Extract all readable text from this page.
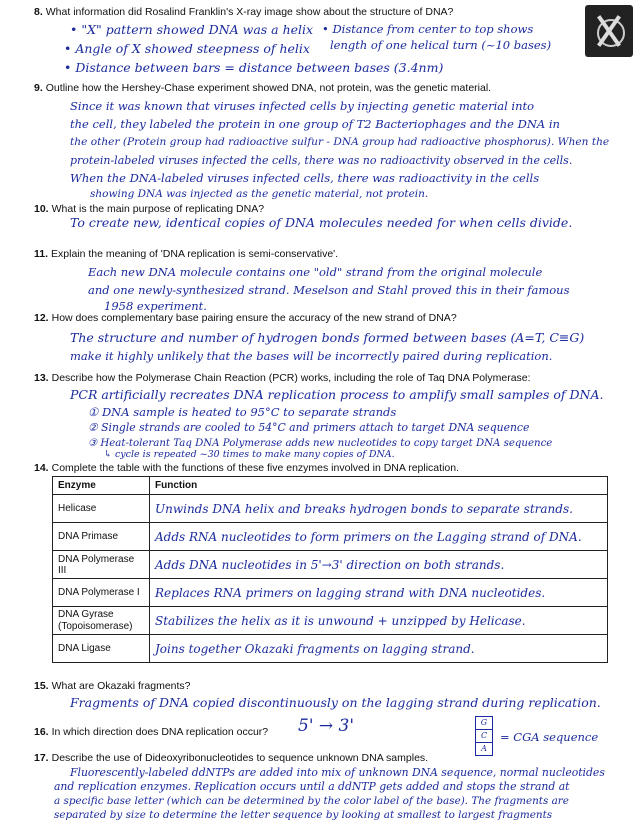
8. What information did Rosalind Franklin's X-ray image show about the structure of DNA?
• "X" pattern showed DNA was a helix
• Angle of X showed steepness of helix
• Distance between bars = distance between bases (3.4nm)
• Distance from center to top shows
length of one helical turn (~10 bases)
9. Outline how the Hershey-Chase experiment showed DNA, not protein, was the genetic material.
Since it was known that viruses infected cells by injecting genetic material into
the cell, they labeled the protein in one group of T2 Bacteriophages and the DNA in
the other (Protein group had radioactive sulfur - DNA group had radioactive phosphorus). When the
protein-labeled viruses infected the cells, there was no radioactivity observed in the cells.
When the DNA-labeled viruses infected cells, there was radioactivity in the cells
showing DNA was injected as the genetic material, not protein.
10. What is the main purpose of replicating DNA?
To create new, identical copies of DNA molecules needed for when cells divide.
11. Explain the meaning of 'DNA replication is semi-conservative'.
Each new DNA molecule contains one "old" strand from the original molecule
and one newly-synthesized strand. Meselson and Stahl proved this in their famous
1958 experiment.
12. How does complementary base pairing ensure the accuracy of the new strand of DNA?
The structure and number of hydrogen bonds formed between bases (A=T, C≡G)
make it highly unlikely that the bases will be incorrectly paired during replication.
13. Describe how the Polymerase Chain Reaction (PCR) works, including the role of Taq DNA Polymerase:
PCR artificially recreates DNA replication process to amplify small samples of DNA.
① DNA sample is heated to 95°C to separate strands
② Single strands are cooled to 54°C and primers attach to target DNA sequence
③ Heat-tolerant Taq DNA Polymerase adds new nucleotides to copy target DNA sequence
↳ cycle is repeated ~30 times to make many copies of DNA.
14. Complete the table with the functions of these five enzymes involved in DNA replication.
Enzyme	Function
Helicase	Unwinds DNA helix and breaks hydrogen bonds to separate strands.
DNA Primase	Adds RNA nucleotides to form primers on the Lagging strand of DNA.
DNA Polymerase III	Adds DNA nucleotides in 5'→3' direction on both strands.
DNA Polymerase I	Replaces RNA primers on lagging strand with DNA nucleotides.
DNA Gyrase (Topoisomerase)	Stabilizes the helix as it is unwound + unzipped by Helicase.
DNA Ligase	Joins together Okazaki fragments on lagging strand.
15. What are Okazaki fragments?
Fragments of DNA copied discontinuously on the lagging strand during replication.
16. In which direction does DNA replication occur? 5' → 3'	G
C
A
= CGA sequence
17. Describe the use of Dideoxyribonucleotides to sequence unknown DNA samples.
Fluorescently-labeled ddNTPs are added into mix of unknown DNA sequence, normal nucleotides
and replication enzymes. Replication occurs until a ddNTP gets added and stops the strand at
a specific base letter (which can be determined by the color label of the base). The fragments are
separated by size to determine the letter sequence by looking at smallest to largest fragments
